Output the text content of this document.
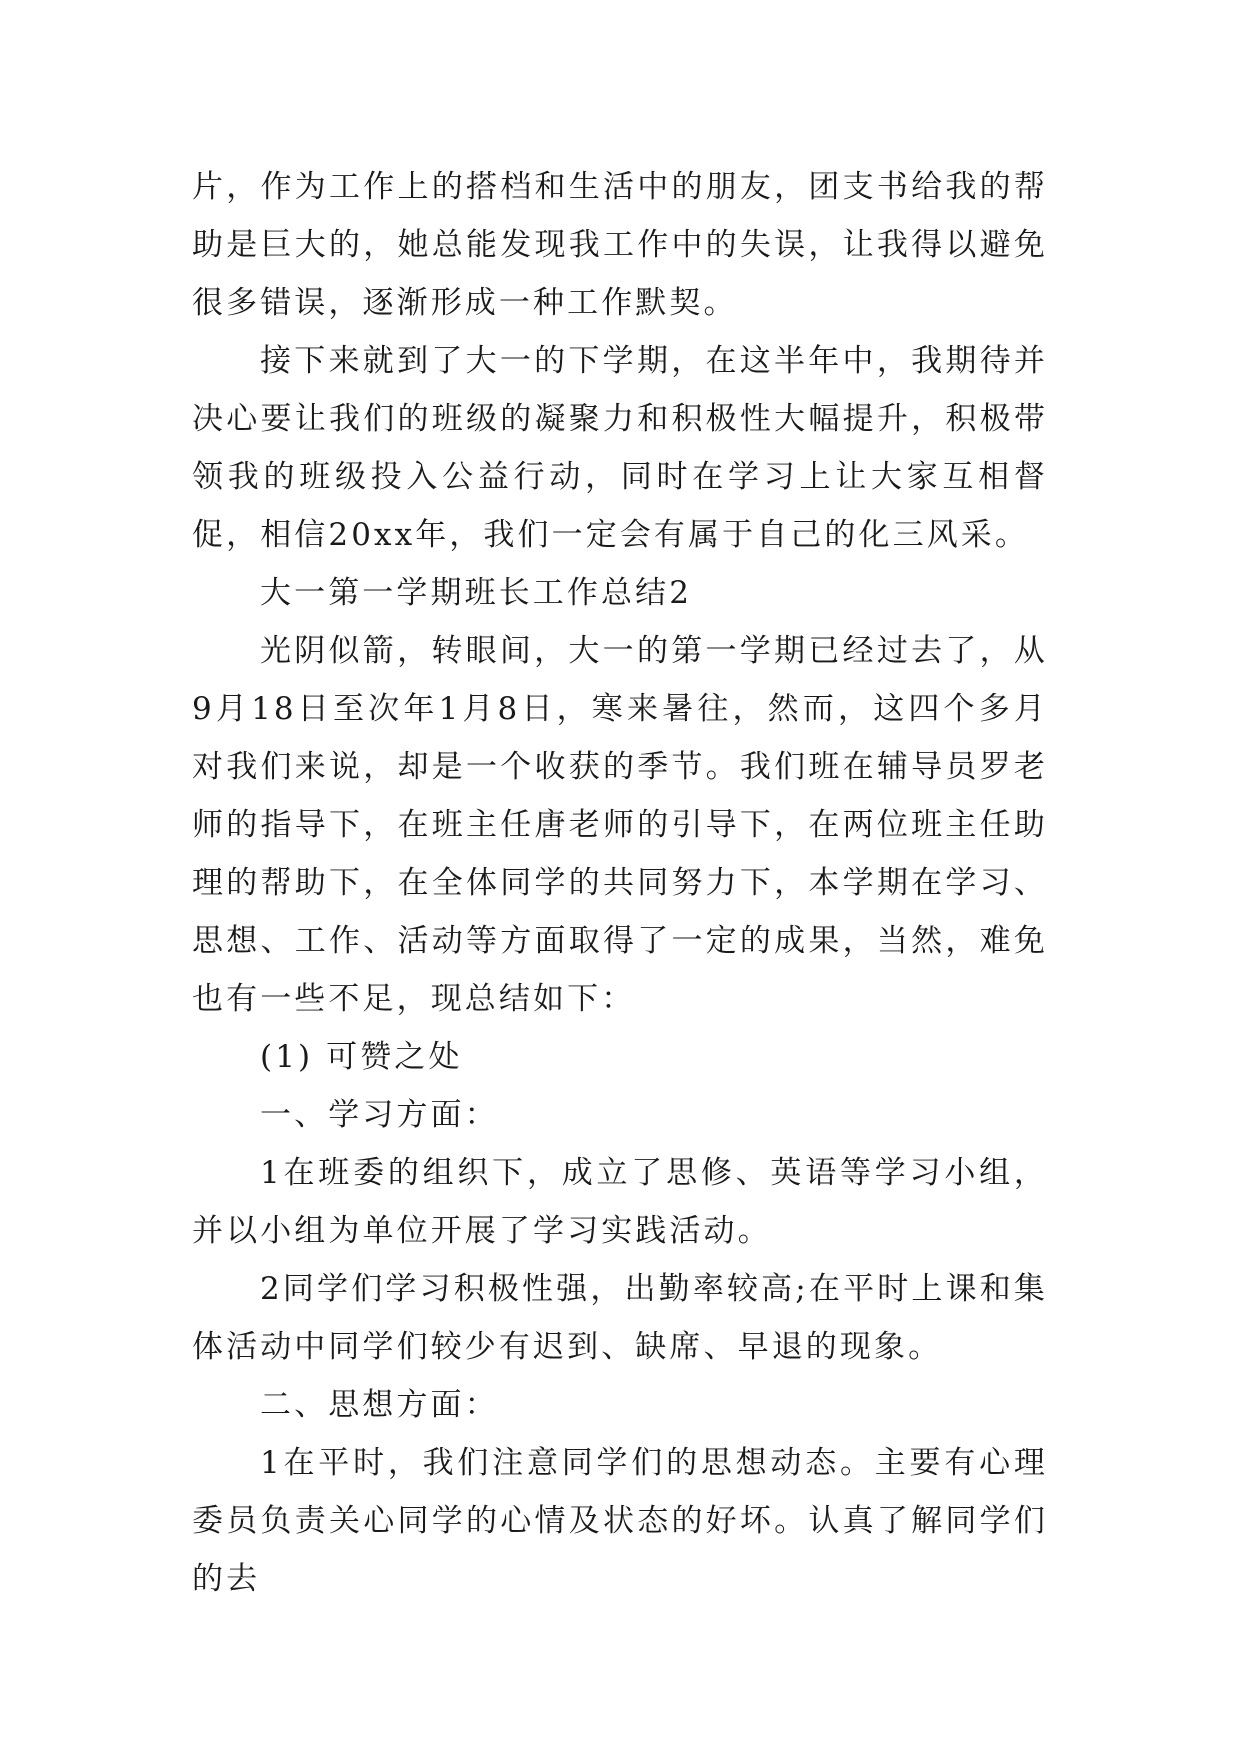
片，作为工作上的搭档和生活中的朋友，团支书给我的帮助是巨大的，她总能发现我工作中的失误，让我得以避免很多错误，逐渐形成一种工作默契。

接下来就到了大一的下学期，在这半年中，我期待并决心要让我们的班级的凝聚力和积极性大幅提升，积极带领我的班级投入公益行动，同时在学习上让大家互相督促，相信20xx年，我们一定会有属于自己的化三风采。

大一第一学期班长工作总结2

光阴似箭，转眼间，大一的第一学期已经过去了，从9月18日至次年1月8日，寒来暑往，然而，这四个多月对我们来说，却是一个收获的季节。我们班在辅导员罗老师的指导下，在班主任唐老师的引导下，在两位班主任助理的帮助下，在全体同学的共同努力下，本学期在学习、思想、工作、活动等方面取得了一定的成果，当然，难免也有一些不足，现总结如下：

(1) 可赞之处

一、学习方面：

1在班委的组织下，成立了思修、英语等学习小组，并以小组为单位开展了学习实践活动。

2同学们学习积极性强，出勤率较高;在平时上课和集体活动中同学们较少有迟到、缺席、早退的现象。

二、思想方面：

1在平时，我们注意同学们的思想动态。主要有心理委员负责关心同学的心情及状态的好坏。认真了解同学们的去
